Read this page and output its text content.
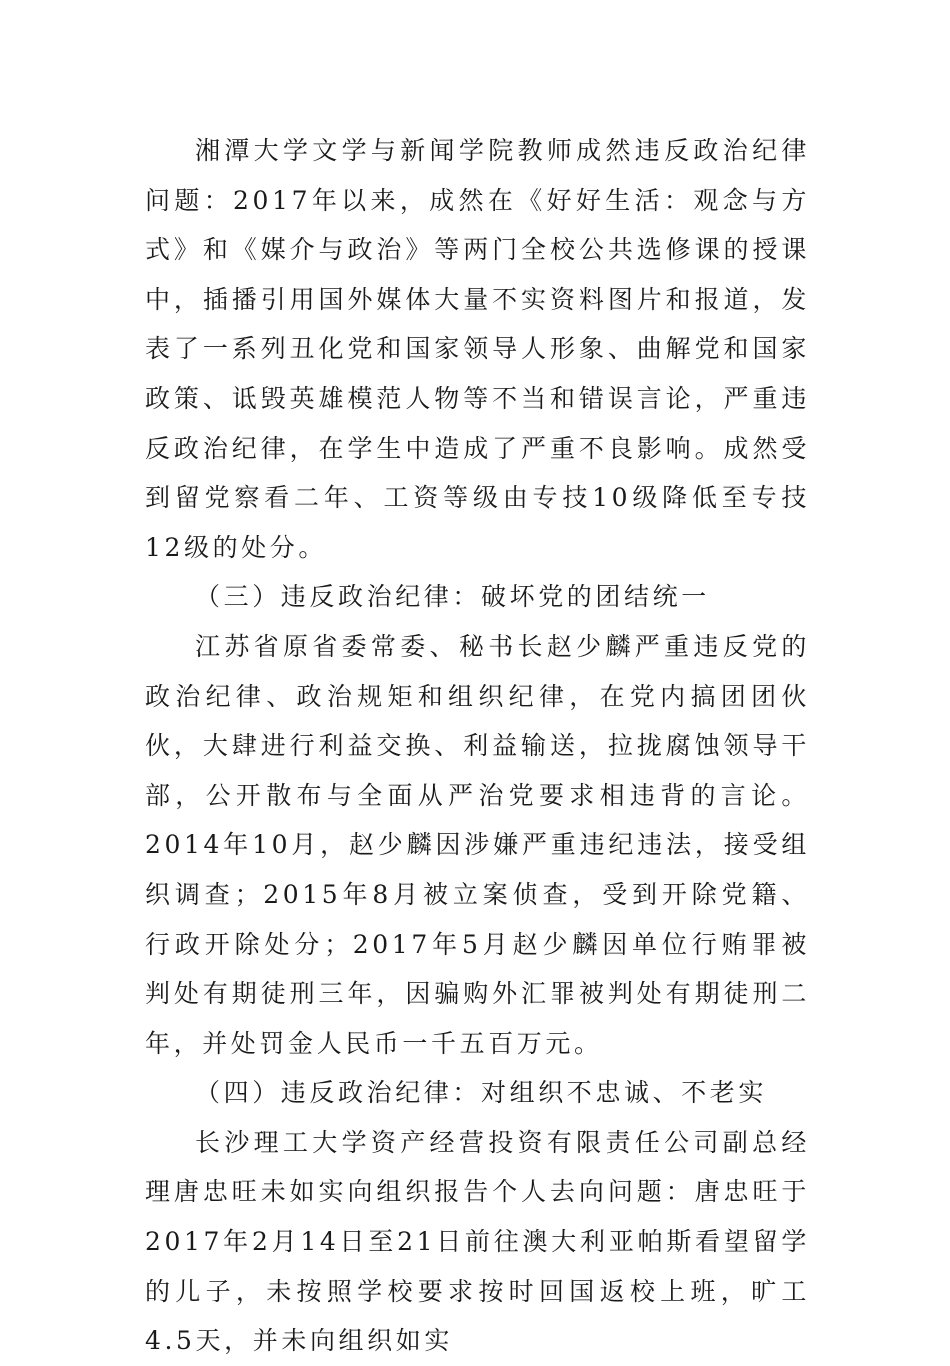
湘潭大学文学与新闻学院教师成然违反政治纪律问题：2017年以来，成然在《好好生活：观念与方式》和《媒介与政治》等两门全校公共选修课的授课中，插播引用国外媒体大量不实资料图片和报道，发表了一系列丑化党和国家领导人形象、曲解党和国家政策、诋毁英雄模范人物等不当和错误言论，严重违反政治纪律，在学生中造成了严重不良影响。成然受到留党察看二年、工资等级由专技10级降低至专技12级的处分。

（三）违反政治纪律：破坏党的团结统一

江苏省原省委常委、秘书长赵少麟严重违反党的政治纪律、政治规矩和组织纪律，在党内搞团团伙伙，大肆进行利益交换、利益输送，拉拢腐蚀领导干部，公开散布与全面从严治党要求相违背的言论。2014年10月，赵少麟因涉嫌严重违纪违法，接受组织调查；2015年8月被立案侦查，受到开除党籍、行政开除处分；2017年5月赵少麟因单位行贿罪被判处有期徒刑三年，因骗购外汇罪被判处有期徒刑二年，并处罚金人民币一千五百万元。

（四）违反政治纪律：对组织不忠诚、不老实

长沙理工大学资产经营投资有限责任公司副总经理唐忠旺未如实向组织报告个人去向问题：唐忠旺于2017年2月14日至21日前往澳大利亚帕斯看望留学的儿子，未按照学校要求按时回国返校上班，旷工4.5天，并未向组织如实
